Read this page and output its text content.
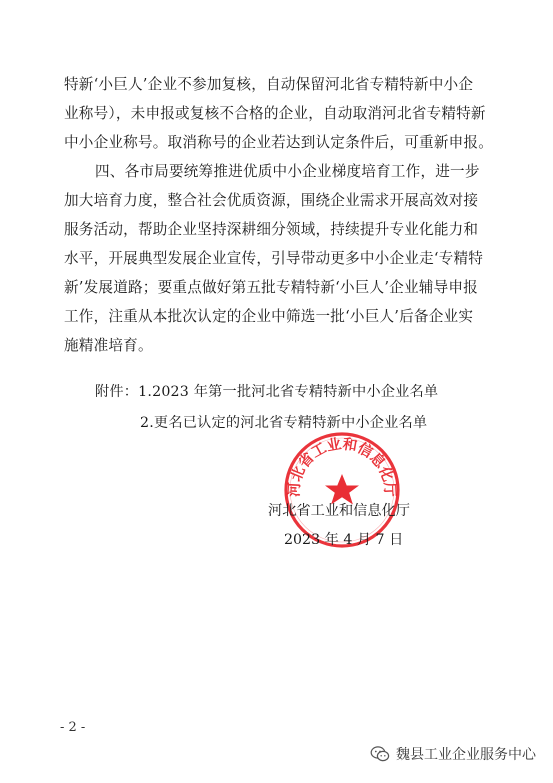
特新‘小巨人’企业不参加复核，自动保留河北省专精特新中小企
业称号），未申报或复核不合格的企业，自动取消河北省专精特新
中小企业称号。取消称号的企业若达到认定条件后，可重新申报。
四、各市局要统筹推进优质中小企业梯度培育工作，进一步
加大培育力度，整合社会优质资源，围绕企业需求开展高效对接
服务活动，帮助企业坚持深耕细分领域，持续提升专业化能力和
水平，开展典型发展企业宣传，引导带动更多中小企业走‘专精特
新’发展道路；要重点做好第五批专精特新‘小巨人’企业辅导申报
工作，注重从本批次认定的企业中筛选一批‘小巨人’后备企业实
施精准培育。
附件：1.2023 年第一批河北省专精特新中小企业名单
2.更名已认定的河北省专精特新中小企业名单
河北省工业和信息化厅
河北省工业和信息化厅
2023 年 4 月 7 日
- 2 -
魏县工业企业服务中心
